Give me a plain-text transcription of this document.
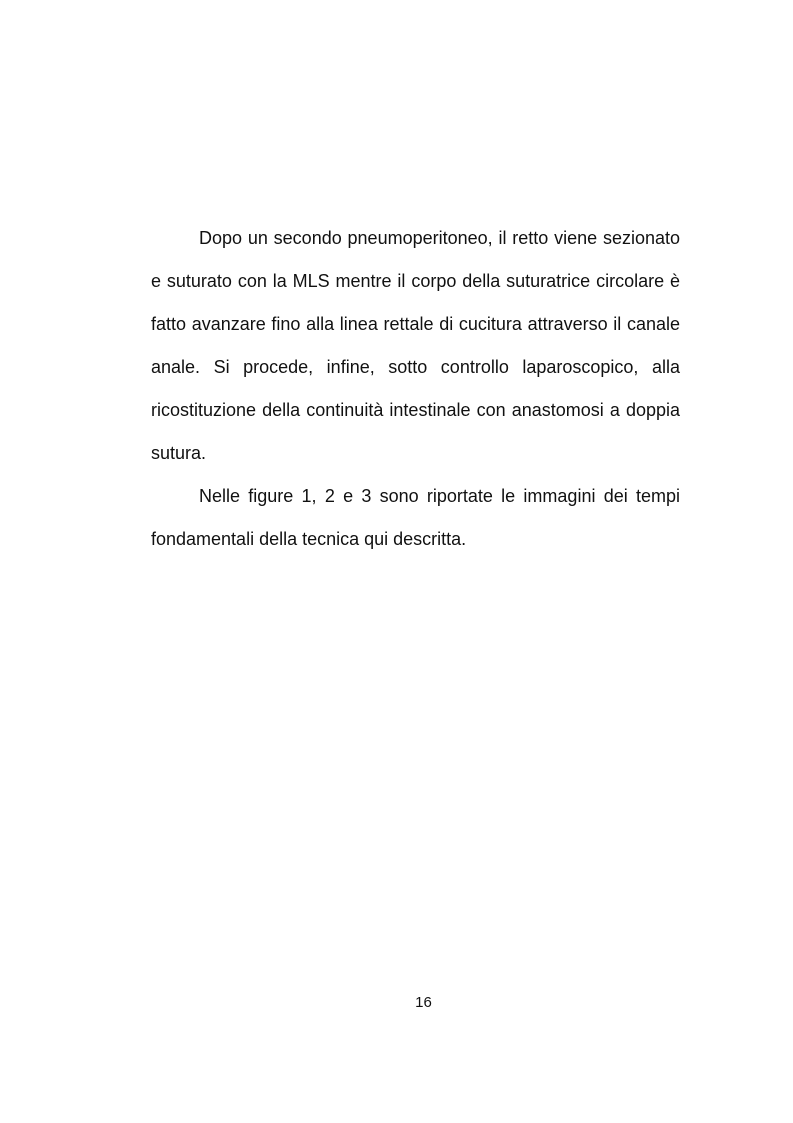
Dopo un secondo pneumoperitoneo, il retto viene sezionato e suturato con la MLS mentre il corpo della suturatrice circolare è fatto avanzare fino alla linea rettale di cucitura attraverso il canale anale. Si procede, infine, sotto controllo laparoscopico, alla ricostituzione della continuità intestinale con anastomosi a doppia sutura.

Nelle figure 1, 2 e 3 sono riportate le immagini dei tempi fondamentali della tecnica qui descritta.

16
